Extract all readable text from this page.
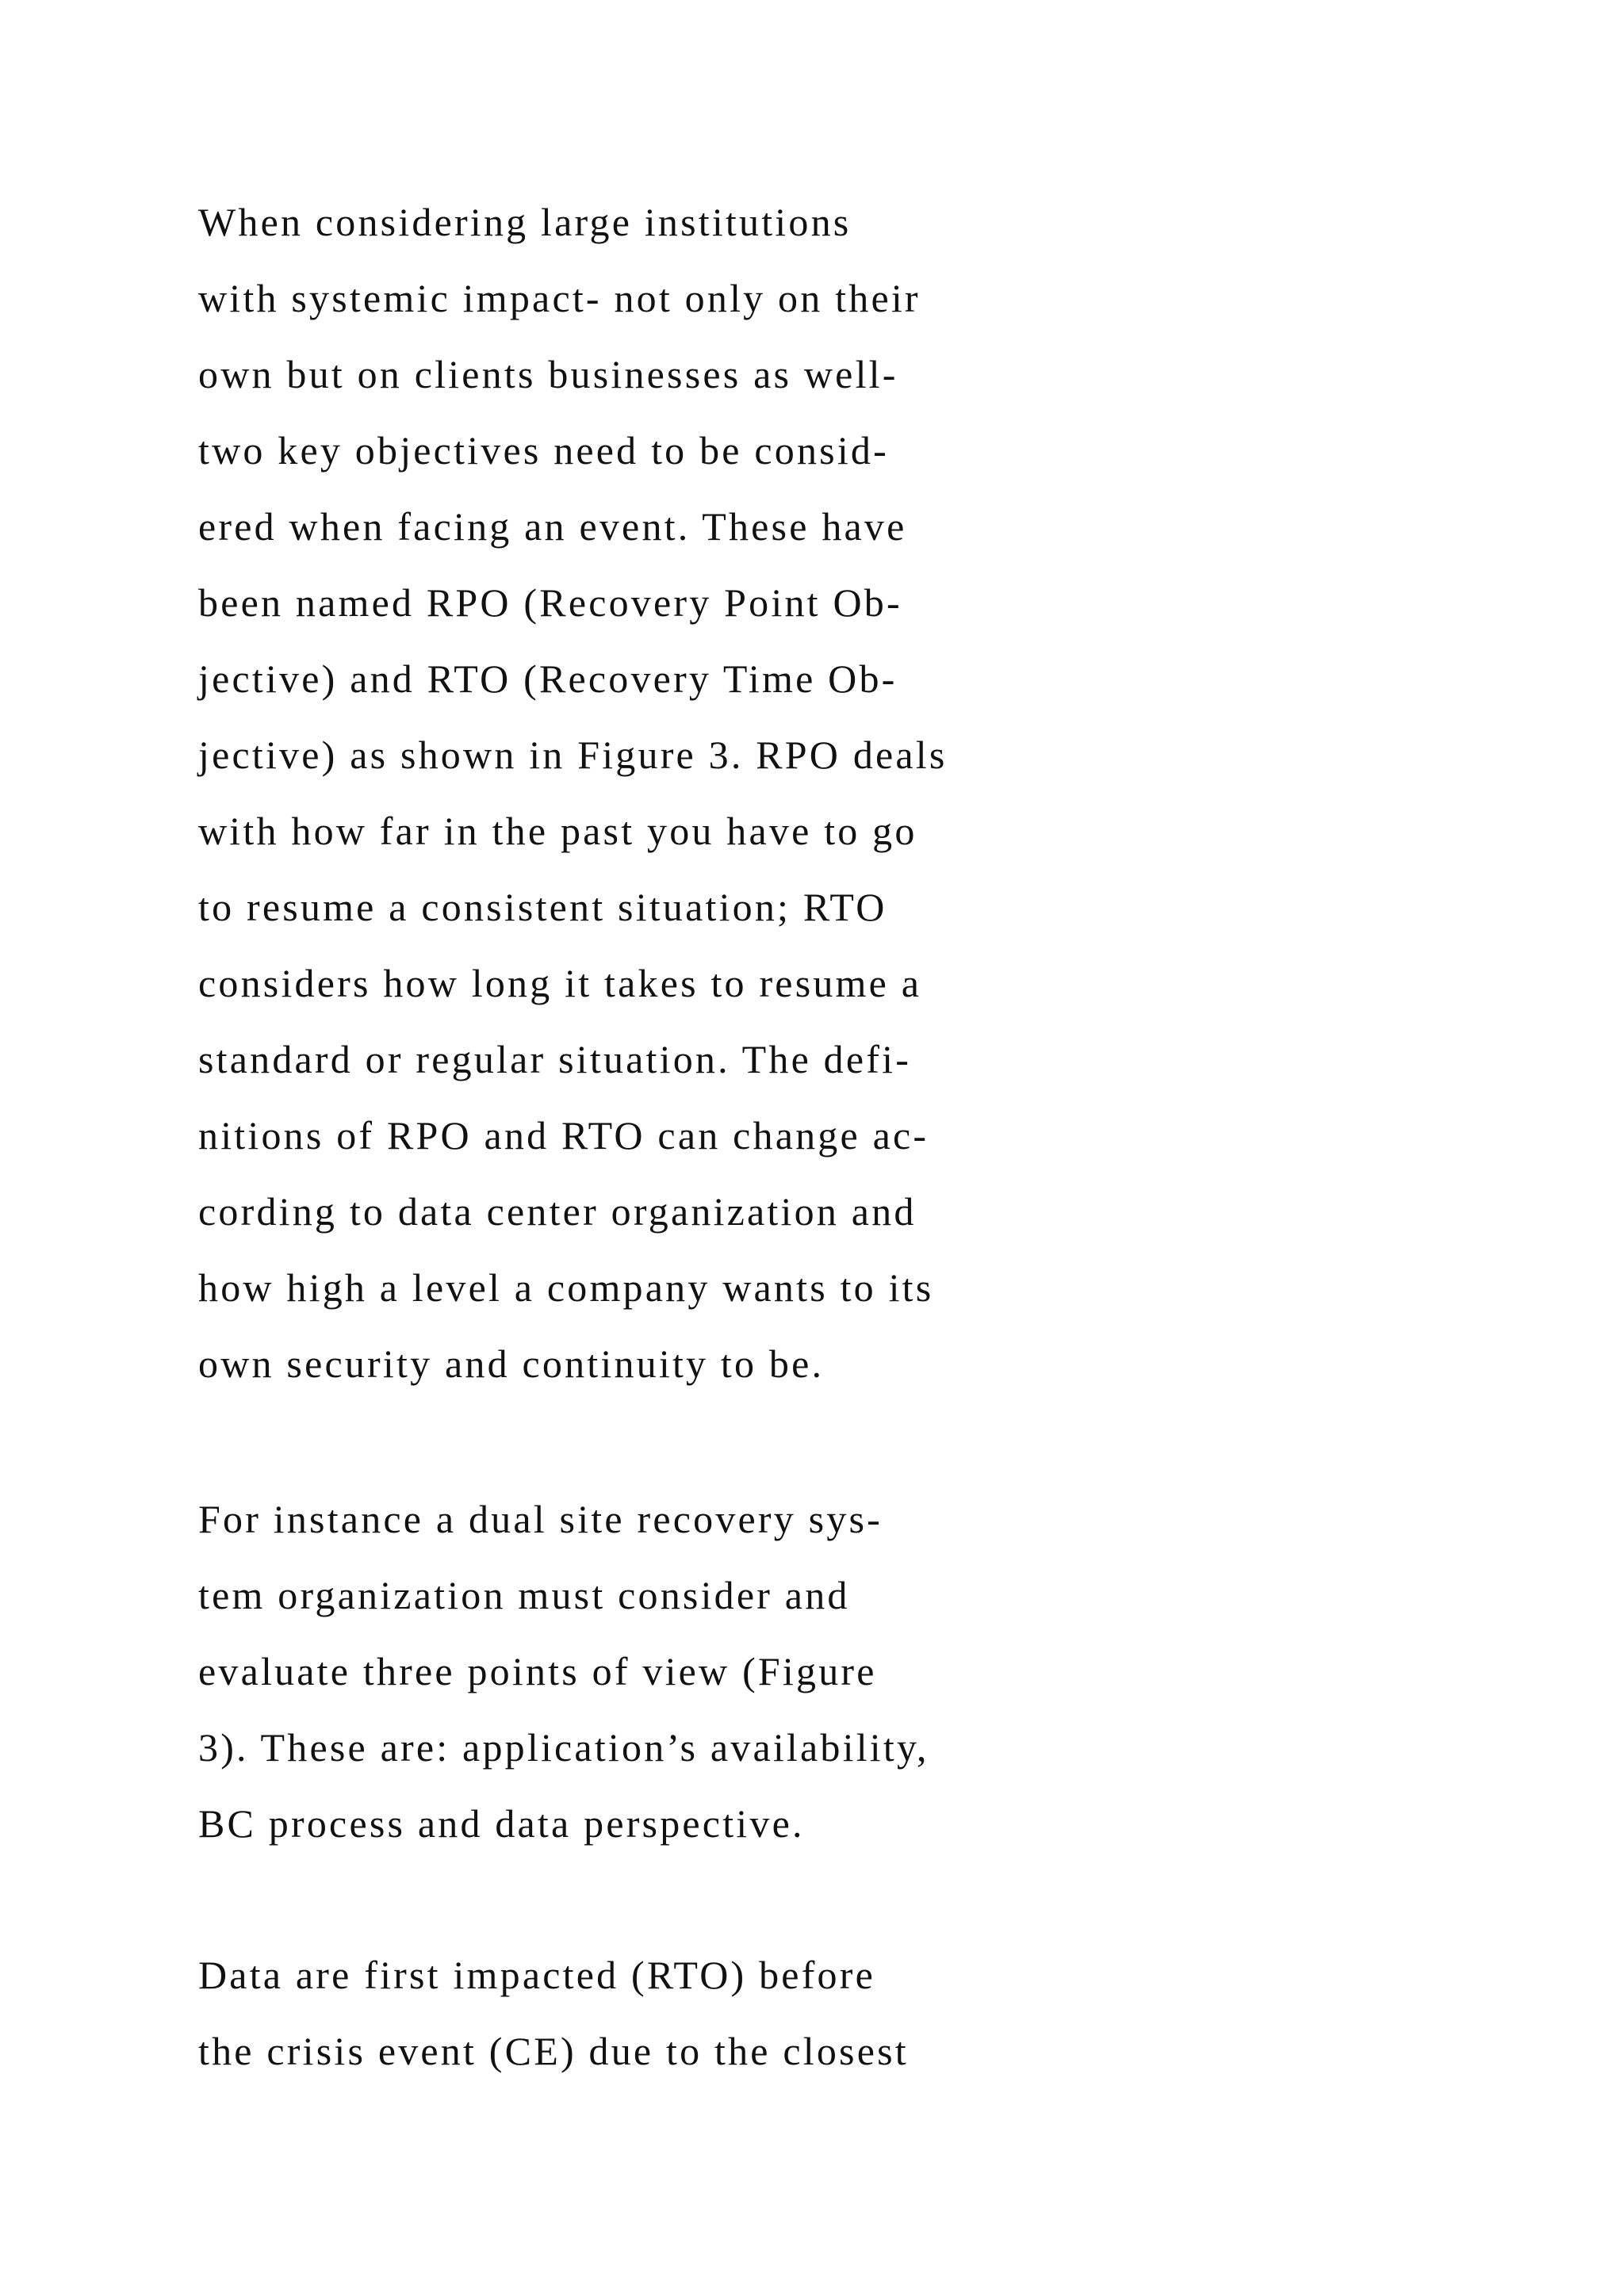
When considering large institutions
with systemic impact- not only on their
own but on clients businesses as well-
two key objectives need to be consid-
ered when facing an event. These have
been named RPO (Recovery Point Ob-
jective) and RTO (Recovery Time Ob-
jective) as shown in Figure 3. RPO deals
with how far in the past you have to go
to resume a consistent situation; RTO
considers how long it takes to resume a
standard or regular situation. The defi-
nitions of RPO and RTO can change ac-
cording to data center organization and
how high a level a company wants to its
own security and continuity to be.
For instance a dual site recovery sys-
tem organization must consider and
evaluate three points of view (Figure
3). These are: application’s availability,
BC process and data perspective.
Data are first impacted (RTO) before
the crisis event (CE) due to the closest
